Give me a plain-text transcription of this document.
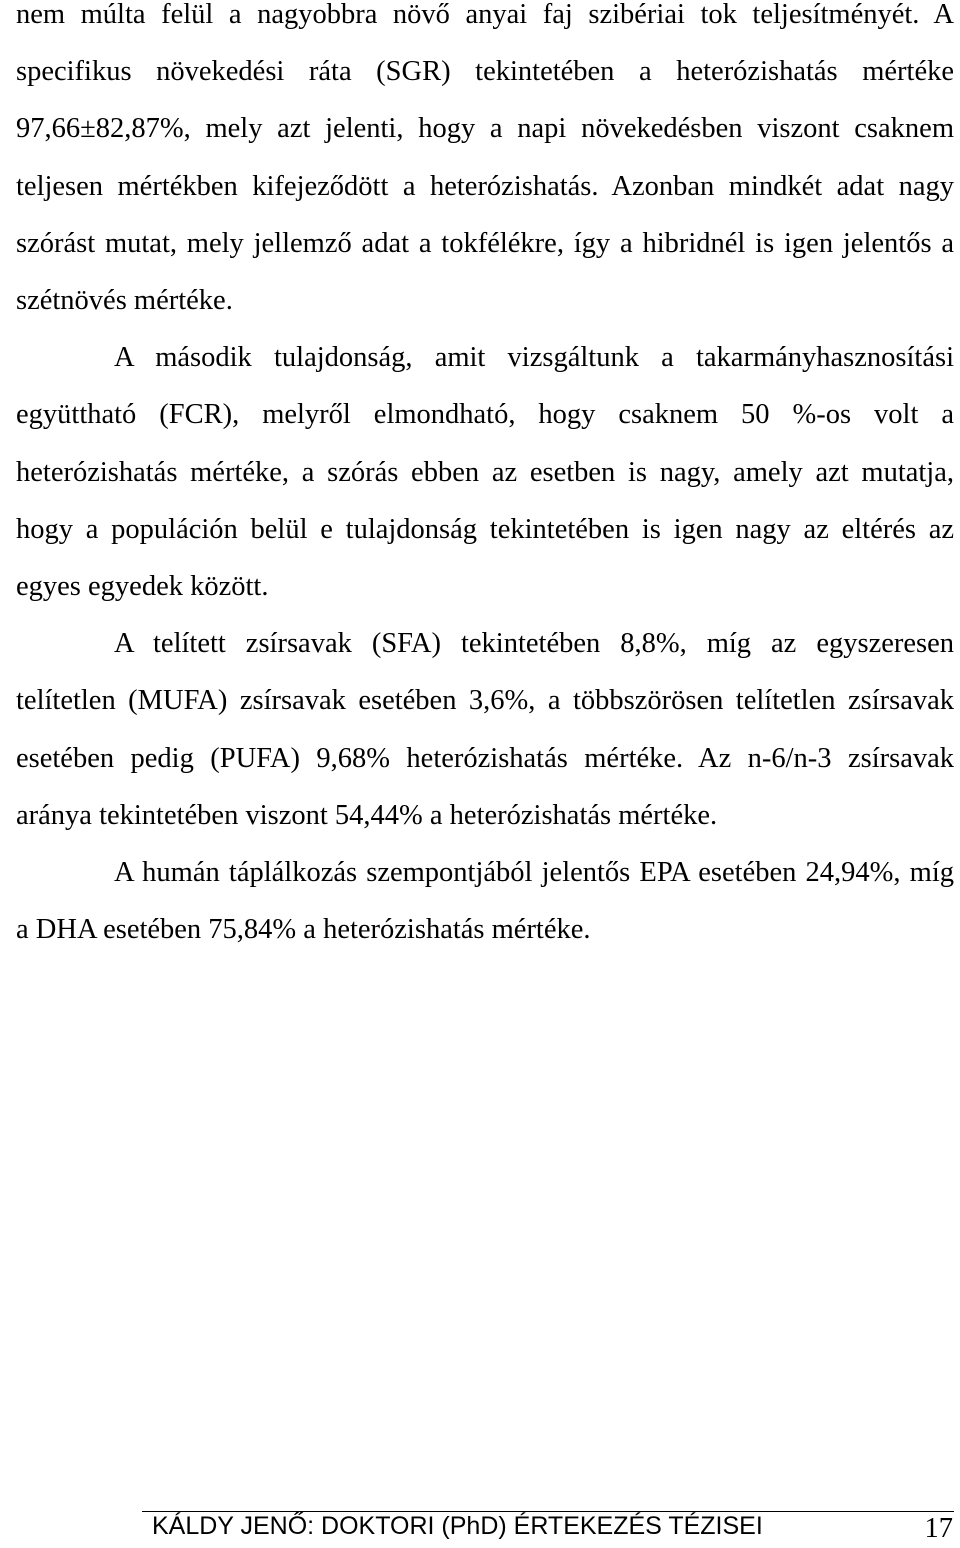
nem múlta felül a nagyobbra növő anyai faj szibériai tok teljesítményét. A specifikus növekedési ráta (SGR) tekintetében a heterózishatás mértéke 97,66±82,87%, mely azt jelenti, hogy a napi növekedésben viszont csaknem teljesen mértékben kifejeződött a heterózishatás. Azonban mindkét adat nagy szórást mutat, mely jellemző adat a tokfélékre, így a hibridnél is igen jelentős a szétnövés mértéke.

A második tulajdonság, amit vizsgáltunk a takarmányhasznosítási együttható (FCR), melyről elmondható, hogy csaknem 50 %-os volt a heterózishatás mértéke, a szórás ebben az esetben is nagy, amely azt mutatja, hogy a populáción belül e tulajdonság tekintetében is igen nagy az eltérés az egyes egyedek között.

A telített zsírsavak (SFA) tekintetében 8,8%, míg az egyszeresen telítetlen (MUFA) zsírsavak esetében 3,6%, a többszörösen telítetlen zsírsavak esetében pedig (PUFA) 9,68% heterózishatás mértéke. Az n-6/n-3 zsírsavak aránya tekintetében viszont 54,44% a heterózishatás mértéke.

A humán táplálkozás szempontjából jelentős EPA esetében 24,94%, míg a DHA esetében 75,84% a heterózishatás mértéke.

KÁLDY JENŐ: DOKTORI (PhD) ÉRTEKEZÉS TÉZISEI	17
